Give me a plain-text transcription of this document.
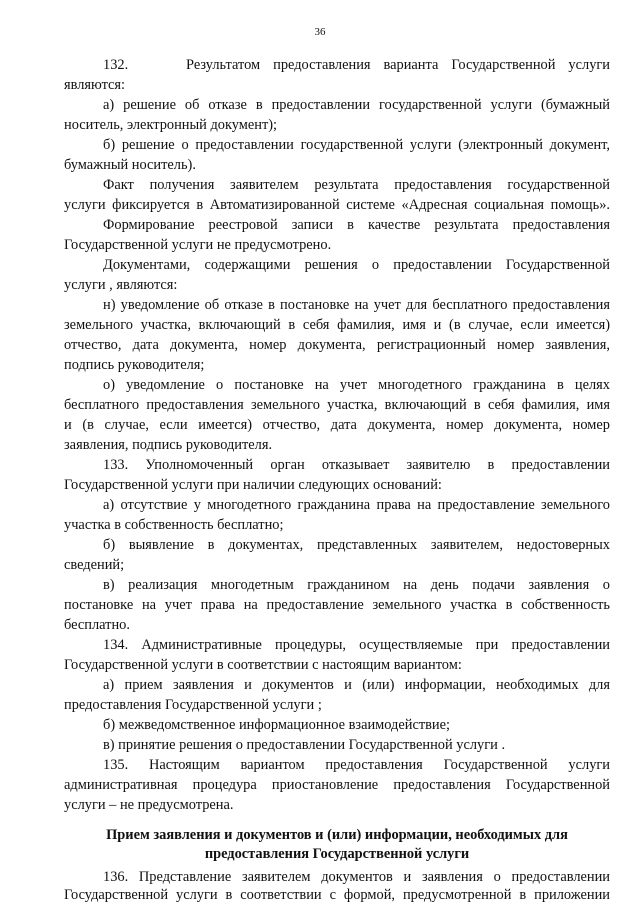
36
132.	Результатом предоставления варианта Государственной услуги
являются:
а) решение об отказе в предоставлении государственной услуги (бумажный
носитель, электронный документ);
б) решение о предоставлении государственной услуги (электронный документ,
бумажный носитель).
Факт получения заявителем результата предоставления государственной
услуги фиксируется в Автоматизированной системе «Адресная социальная помощь».
Формирование реестровой записи в качестве результата предоставления
Государственной услуги не предусмотрено.
Документами, содержащими решения о предоставлении Государственной
услуги , являются:
н) уведомление об отказе в постановке на учет для бесплатного предоставления
земельного участка, включающий в себя фамилия, имя и (в случае, если имеется)
отчество, дата документа, номер документа, регистрационный номер заявления,
подпись руководителя;
о) уведомление о постановке на учет многодетного гражданина в целях
бесплатного предоставления земельного участка, включающий в себя фамилия, имя
и (в случае, если имеется) отчество, дата документа, номер документа, номер
заявления, подпись руководителя.
133. Уполномоченный орган отказывает заявителю в предоставлении
Государственной услуги при наличии следующих оснований:
а) отсутствие у многодетного гражданина права на предоставление земельного
участка в собственность бесплатно;
б) выявление в документах, представленных заявителем, недостоверных
сведений;
в) реализация многодетным гражданином на день подачи заявления о
постановке на учет права на предоставление земельного участка в собственность
бесплатно.
134. Административные процедуры, осуществляемые при предоставлении
Государственной услуги в соответствии с настоящим вариантом:
а) прием заявления и документов и (или) информации, необходимых для
предоставления Государственной услуги ;
б) межведомственное информационное взаимодействие;
в) принятие решения о предоставлении Государственной услуги .
135. Настоящим вариантом предоставления Государственной услуги
административная процедура приостановление предоставления Государственной
услуги – не предусмотрена.
Прием заявления и документов и (или) информации, необходимых для
предоставления Государственной услуги
136. Представление заявителем документов и заявления о предоставлении
Государственной услуги в соответствии с формой, предусмотренной в приложении
